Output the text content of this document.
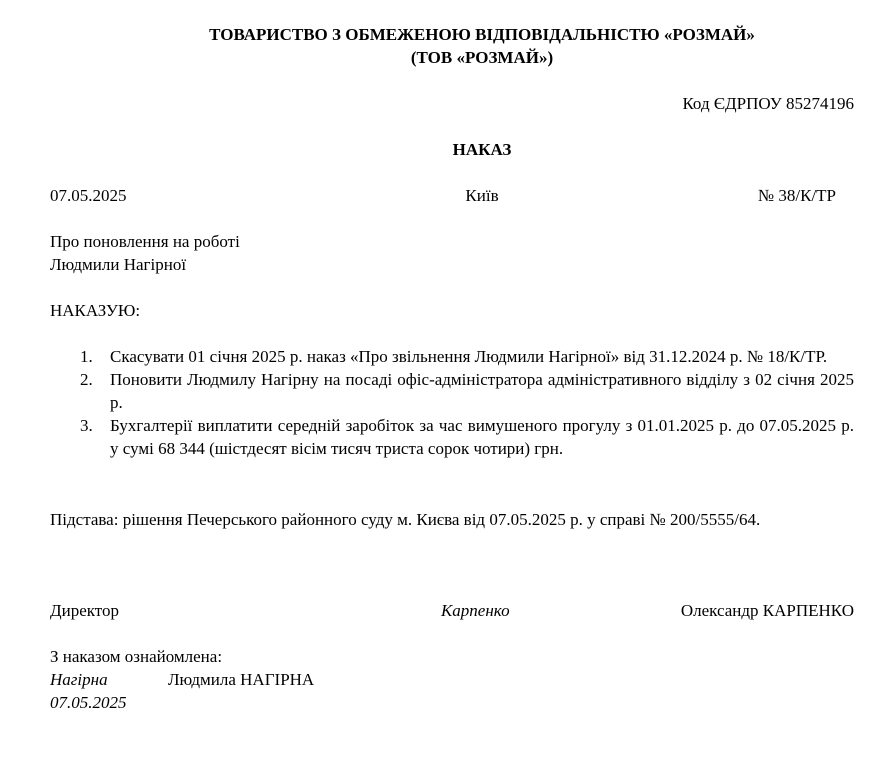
ТОВАРИСТВО З ОБМЕЖЕНОЮ ВІДПОВІДАЛЬНІСТЮ «РОЗМАЙ»
(ТОВ «РОЗМАЙ»)
Код ЄДРПОУ 85274196
НАКАЗ
07.05.2025	Київ	№ 38/К/ТР
Про поновлення на роботі
Людмили Нагірної
НАКАЗУЮ:
1. Скасувати 01 січня 2025 р. наказ «Про звільнення Людмили Нагірної» від 31.12.2024 р. № 18/К/ТР.
2. Поновити Людмилу Нагірну на посаді офіс-адміністратора адміністративного відділу з 02 січня 2025 р.
3. Бухгалтерії виплатити середній заробіток за час вимушеного прогулу з 01.01.2025 р. до 07.05.2025 р. у сумі 68 344 (шістдесят вісім тисяч триста сорок чотири) грн.
Підстава: рішення Печерського районного суду м. Києва від 07.05.2025 р. у справі № 200/5555/64.
Директор	Карпенко	Олександр КАРПЕНКО
З наказом ознайомлена:
Нагірна	Людмила НАГІРНА
07.05.2025
